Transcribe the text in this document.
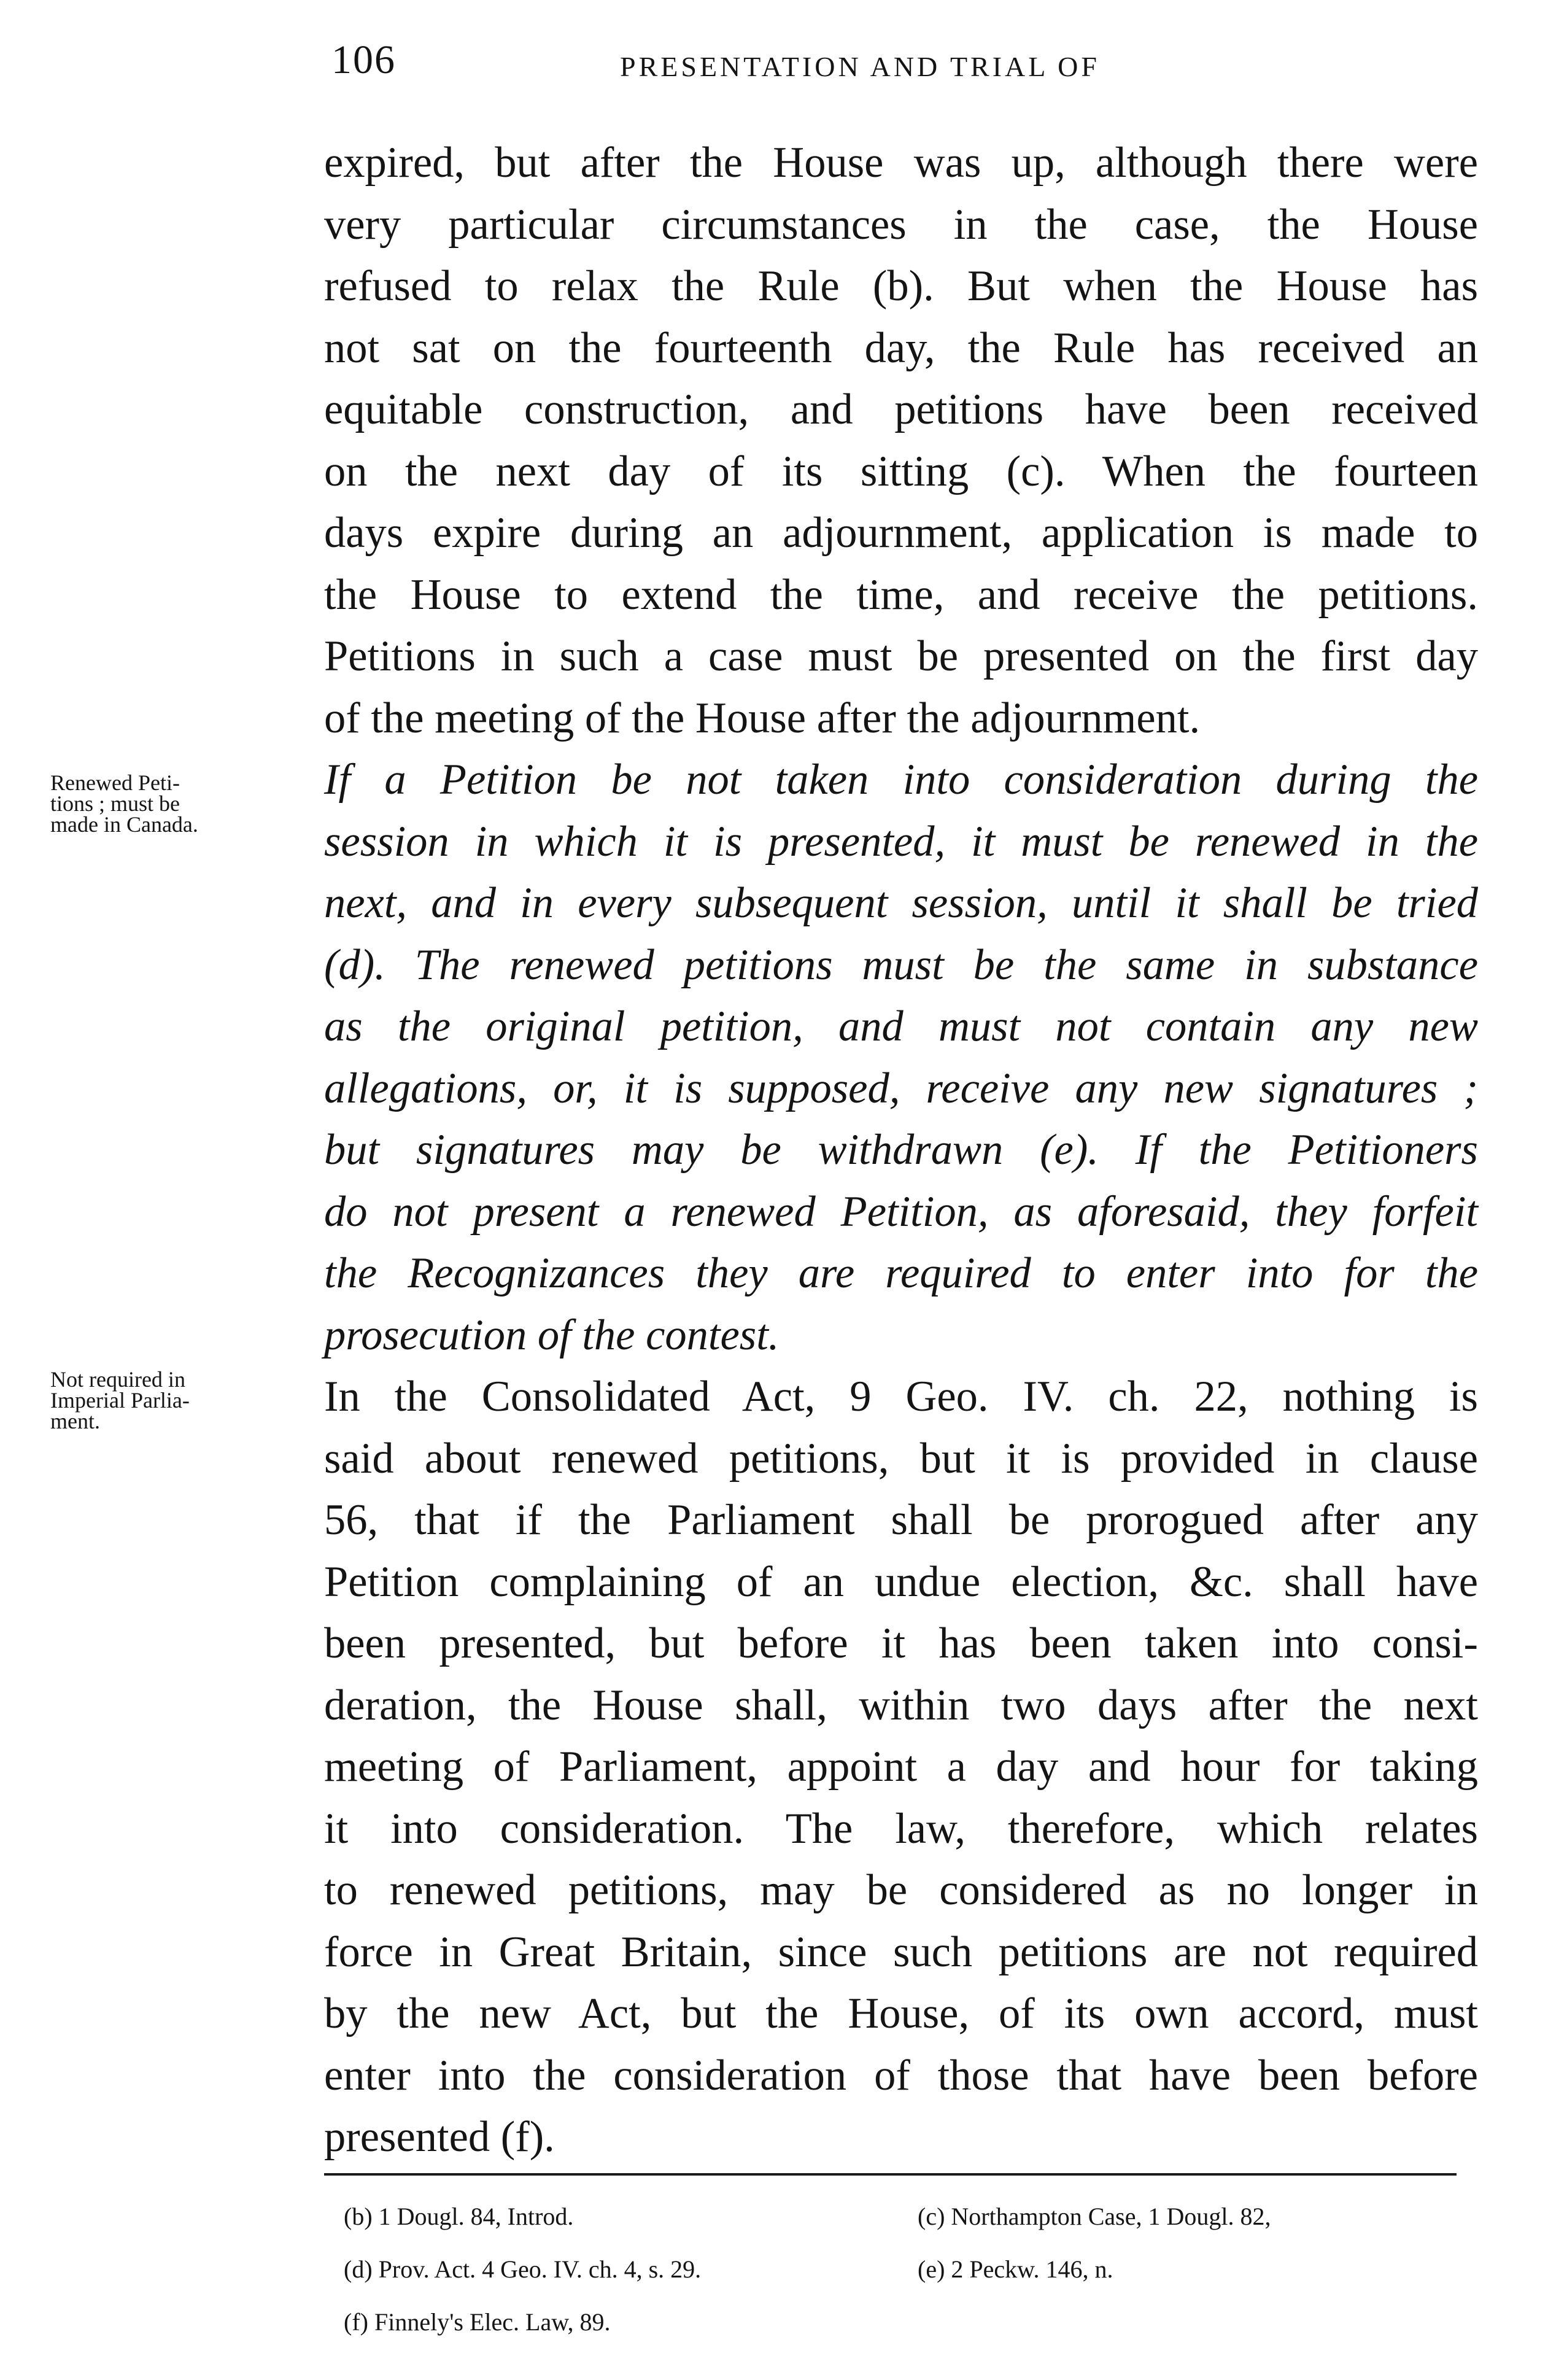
106	PRESENTATION AND TRIAL OF
Renewed Peti-
tions ; must be
made in Canada.
Not required in
Imperial Parlia-
ment.
expired, but after the House was up, although there were
very particular circumstances in the case, the House
refused to relax the Rule (b). But when the House has
not sat on the fourteenth day, the Rule has received an
equitable construction, and petitions have been received
on the next day of its sitting (c). When the fourteen
days expire during an adjournment, application is made to
the House to extend the time, and receive the petitions.
Petitions in such a case must be presented on the first day
of the meeting of the House after the adjournment.
If a Petition be not taken into consideration during the
session in which it is presented, it must be renewed in the
next, and in every subsequent session, until it shall be tried
(d). The renewed petitions must be the same in substance
as the original petition, and must not contain any new
allegations, or, it is supposed, receive any new signatures ;
but signatures may be withdrawn (e). If the Petitioners
do not present a renewed Petition, as aforesaid, they forfeit
the Recognizances they are required to enter into for the
prosecution of the contest.
In the Consolidated Act, 9 Geo. IV. ch. 22, nothing is
said about renewed petitions, but it is provided in clause
56, that if the Parliament shall be prorogued after any
Petition complaining of an undue election, &c. shall have
been presented, but before it has been taken into consi-
deration, the House shall, within two days after the next
meeting of Parliament, appoint a day and hour for taking
it into consideration. The law, therefore, which relates
to renewed petitions, may be considered as no longer in
force in Great Britain, since such petitions are not required
by the new Act, but the House, of its own accord, must
enter into the consideration of those that have been before
presented (f).
(b) 1 Dougl. 84, Introd.	(c) Northampton Case, 1 Dougl. 82,
(d) Prov. Act. 4 Geo. IV. ch. 4, s. 29.	(e) 2 Peckw. 146, n.
(f) Finnely's Elec. Law, 89.
